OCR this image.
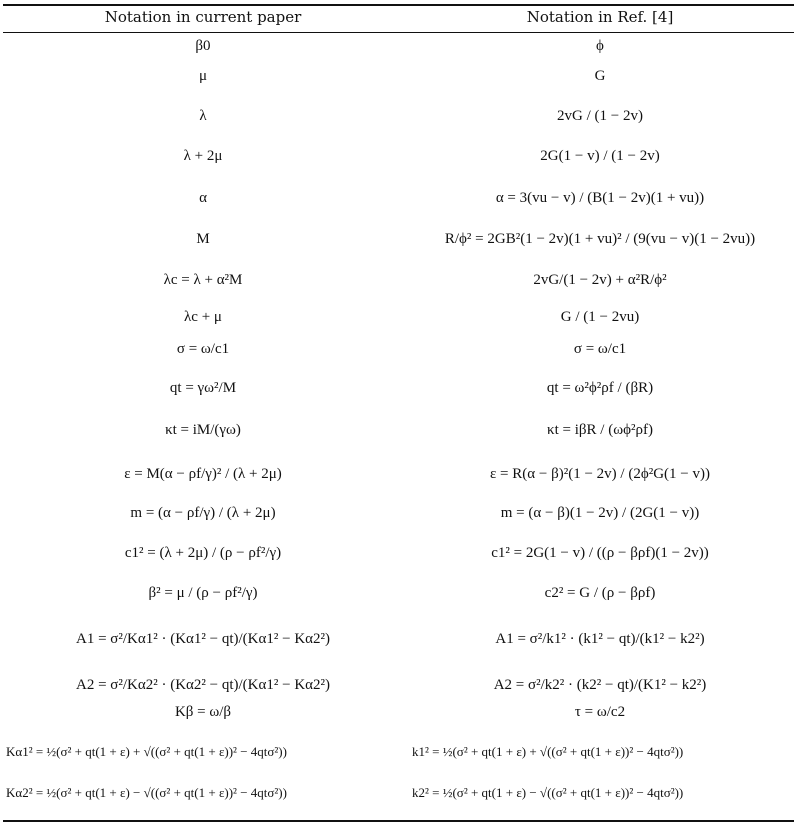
Notation in current paper	Notation in Ref. [4]
β0	ϕ
μ	G
λ	2vG / (1 − 2v)
λ + 2μ	2G(1 − v) / (1 − 2v)
α	α = 3(vu − v) / (B(1 − 2v)(1 + vu))
M	R/ϕ² = 2GB²(1 − 2v)(1 + vu)² / (9(vu − v)(1 − 2vu))
λc = λ + α²M	2vG/(1 − 2v) + α²R/ϕ²
λc + μ	G / (1 − 2vu)
σ = ω/c1	σ = ω/c1
qt = γω²/M	qt = ω²ϕ²ρf / (βR)
κt = iM/(γω)	κt = iβR / (ωϕ²ρf)
ε = M(α − ρf/γ)² / (λ + 2μ)	ε = R(α − β)²(1 − 2v) / (2ϕ²G(1 − v))
m = (α − ρf/γ) / (λ + 2μ)	m = (α − β)(1 − 2v) / (2G(1 − v))
c1² = (λ + 2μ) / (ρ − ρf²/γ)	c1² = 2G(1 − v) / ((ρ − βρf)(1 − 2v))
β² = μ / (ρ − ρf²/γ)	c2² = G / (ρ − βρf)
A1 = σ²/Kα1² · (Kα1² − qt)/(Kα1² − Kα2²)	A1 = σ²/k1² · (k1² − qt)/(k1² − k2²)
A2 = σ²/Kα2² · (Kα2² − qt)/(Kα1² − Kα2²)	A2 = σ²/k2² · (k2² − qt)/(K1² − k2²)
Kβ = ω/β	τ = ω/c2
Kα1² = ½(σ² + qt(1 + ε) + √((σ² + qt(1 + ε))² − 4qtσ²))	k1² = ½(σ² + qt(1 + ε) + √((σ² + qt(1 + ε))² − 4qtσ²))
Kα2² = ½(σ² + qt(1 + ε) − √((σ² + qt(1 + ε))² − 4qtσ²))	k2² = ½(σ² + qt(1 + ε) − √((σ² + qt(1 + ε))² − 4qtσ²))
